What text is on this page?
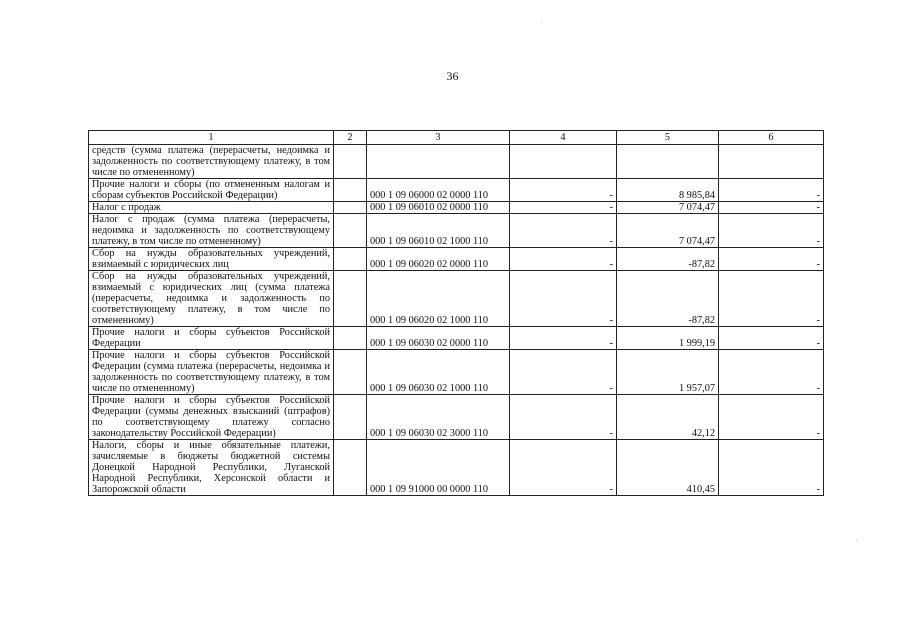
36
1	2	3	4	5	6
средств (сумма платежа (перерасчеты, недоимка и задолженность по соответствующему платежу, в том числе по отмененному)					
Прочие налоги и сборы (по отмененным налогам и сборам субъектов Российской Федерации)		000 1 09 06000 02 0000 110	-	8 985,84	-
Налог с продаж		000 1 09 06010 02 0000 110	-	7 074,47	-
Налог с продаж (сумма платежа (перерасчеты, недоимка и задолженность по соответствующему платежу, в том числе по отмененному)		000 1 09 06010 02 1000 110	-	7 074,47	-
Сбор на нужды образовательных учреждений, взимаемый с юридических лиц		000 1 09 06020 02 0000 110	-	-87,82	-
Сбор на нужды образовательных учреждений, взимаемый с юридических лиц (сумма платежа (перерасчеты, недоимка и задолженность по соответствующему платежу, в том числе по отмененному)		000 1 09 06020 02 1000 110	-	-87,82	-
Прочие налоги и сборы субъектов Российской Федерации		000 1 09 06030 02 0000 110	-	1 999,19	-
Прочие налоги и сборы субъектов Российской Федерации (сумма платежа (перерасчеты, недоимка и задолженность по соответствующему платежу, в том числе по отмененному)		000 1 09 06030 02 1000 110	-	1 957,07	-
Прочие налоги и сборы субъектов Российской Федерации (суммы денежных взысканий (штрафов) по соответствующему платежу согласно законодательству Российской Федерации)		000 1 09 06030 02 3000 110	-	42,12	-
Налоги, сборы и иные обязательные платежи, зачисляемые в бюджеты бюджетной системы Донецкой Народной Республики, Луганской Народной Республики, Херсонской области и Запорожской области		000 1 09 91000 00 0000 110	-	410,45	-
